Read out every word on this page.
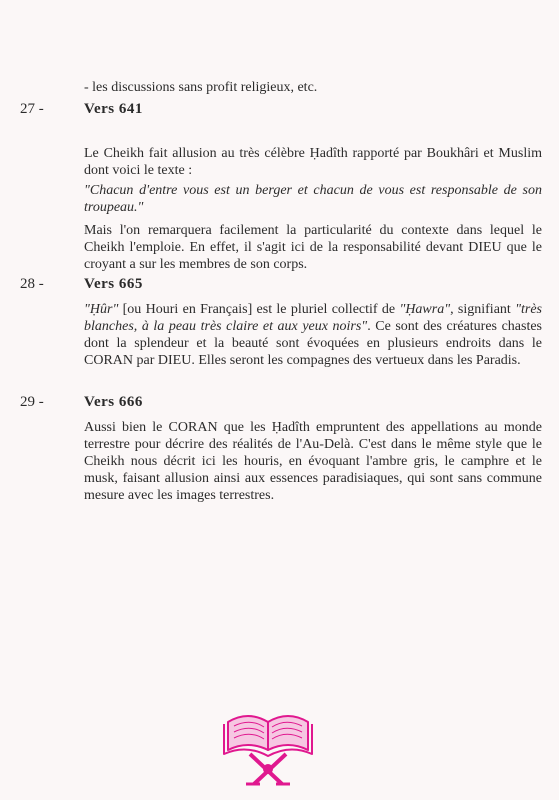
- les discussions sans profit religieux, etc.
27 -	Vers 641
Le Cheikh fait allusion au très célèbre Ḥadîth rapporté par Boukhâri et Muslim dont voici le texte :
"Chacun d'entre vous est un berger et chacun de vous est responsable de son troupeau."
Mais l'on remarquera facilement la particularité du contexte dans lequel le Cheikh l'emploie. En effet, il s'agit ici de la responsabilité devant DIEU que le croyant a sur les membres de son corps.
28 -	Vers 665
"Ḥûr" [ou Houri en Français] est le pluriel collectif de "Ḥawra", signifiant "très blanches, à la peau très claire et aux yeux noirs". Ce sont des créatures chastes dont la splendeur et la beauté sont évoquées en plusieurs endroits dans le CORAN par DIEU. Elles seront les compagnes des vertueux dans les Paradis.
29 -	Vers 666
Aussi bien le CORAN que les Ḥadîth empruntent des appellations au monde terrestre pour décrire des réalités de l'Au-Delà. C'est dans le même style que le Cheikh nous décrit ici les houris, en évoquant l'ambre gris, le camphre et le musk, faisant allusion ainsi aux essences paradisiaques, qui sont sans commune mesure avec les images terrestres.
